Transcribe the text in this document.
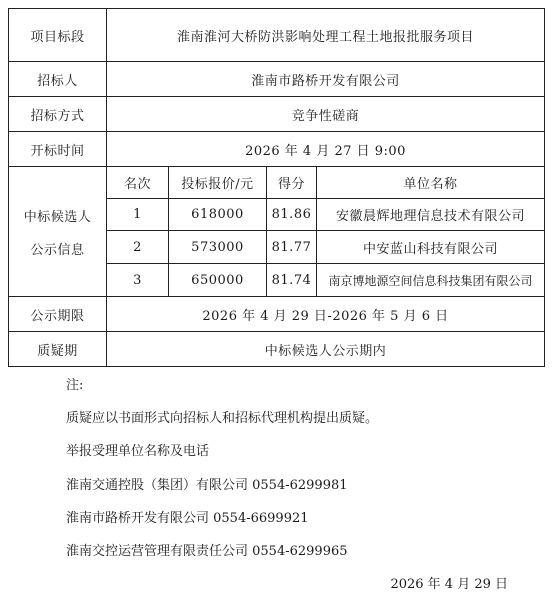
项目标段	淮南淮河大桥防洪影响处理工程土地报批服务项目			
招标人	淮南市路桥开发有限公司			
招标方式	竞争性磋商			
开标时间	2026 年 4 月 27 日 9:00			

中标候选人
公示信息	名次	投标报价/元	得分	单位名称
	1	618000	81.86	安徽晨辉地理信息技术有限公司
	2	573000	81.77	中安蓝山科技有限公司
	3	650000	81.74	南京博地源空间信息科技集团有限公司
公示期限	2026 年 4 月 29 日-2026 年 5 月 6 日			
质疑期	中标候选人公示期内			
注:
质疑应以书面形式向招标人和招标代理机构提出质疑。
举报受理单位名称及电话
淮南交通控股（集团）有限公司 0554-6299981
淮南市路桥开发有限公司 0554-6699921
淮南交控运营管理有限责任公司 0554-6299965
2026 年 4 月 29 日
